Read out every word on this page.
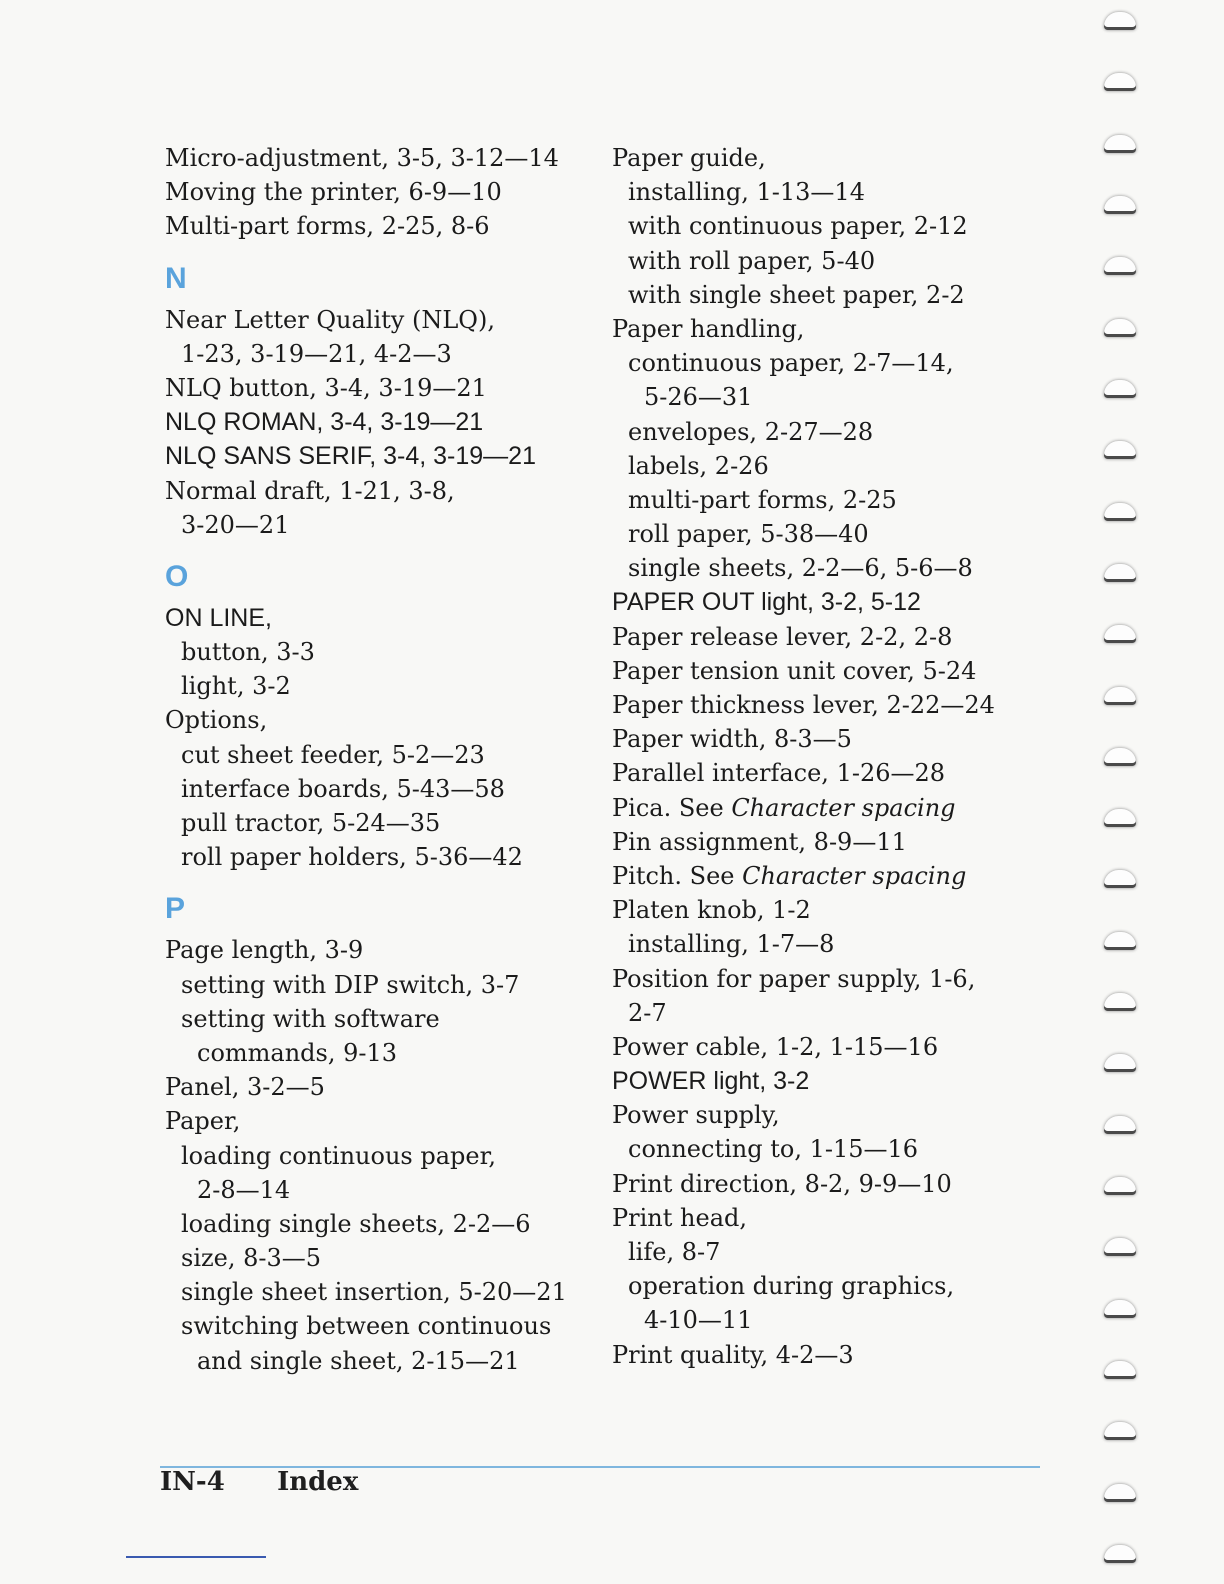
Micro-adjustment, 3-5, 3-12—14
Moving the printer, 6-9—10
Multi-part forms, 2-25, 8-6
N
Near Letter Quality (NLQ),
1-23, 3-19—21, 4-2—3
NLQ button, 3-4, 3-19—21
NLQ ROMAN, 3-4, 3-19—21
NLQ SANS SERIF, 3-4, 3-19—21
Normal draft, 1-21, 3-8,
3-20—21
O
ON LINE,
button, 3-3
light, 3-2
Options,
cut sheet feeder, 5-2—23
interface boards, 5-43—58
pull tractor, 5-24—35
roll paper holders, 5-36—42
P
Page length, 3-9
setting with DIP switch, 3-7
setting with software
commands, 9-13
Panel, 3-2—5
Paper,
loading continuous paper,
2-8—14
loading single sheets, 2-2—6
size, 8-3—5
single sheet insertion, 5-20—21
switching between continuous
and single sheet, 2-15—21
Paper guide,
installing, 1-13—14
with continuous paper, 2-12
with roll paper, 5-40
with single sheet paper, 2-2
Paper handling,
continuous paper, 2-7—14,
5-26—31
envelopes, 2-27—28
labels, 2-26
multi-part forms, 2-25
roll paper, 5-38—40
single sheets, 2-2—6, 5-6—8
PAPER OUT light, 3-2, 5-12
Paper release lever, 2-2, 2-8
Paper tension unit cover, 5-24
Paper thickness lever, 2-22—24
Paper width, 8-3—5
Parallel interface, 1-26—28
Pica. See Character spacing
Pin assignment, 8-9—11
Pitch. See Character spacing
Platen knob, 1-2
installing, 1-7—8
Position for paper supply, 1-6,
2-7
Power cable, 1-2, 1-15—16
POWER light, 3-2
Power supply,
connecting to, 1-15—16
Print direction, 8-2, 9-9—10
Print head,
life, 8-7
operation during graphics,
4-10—11
Print quality, 4-2—3
IN-4 Index
